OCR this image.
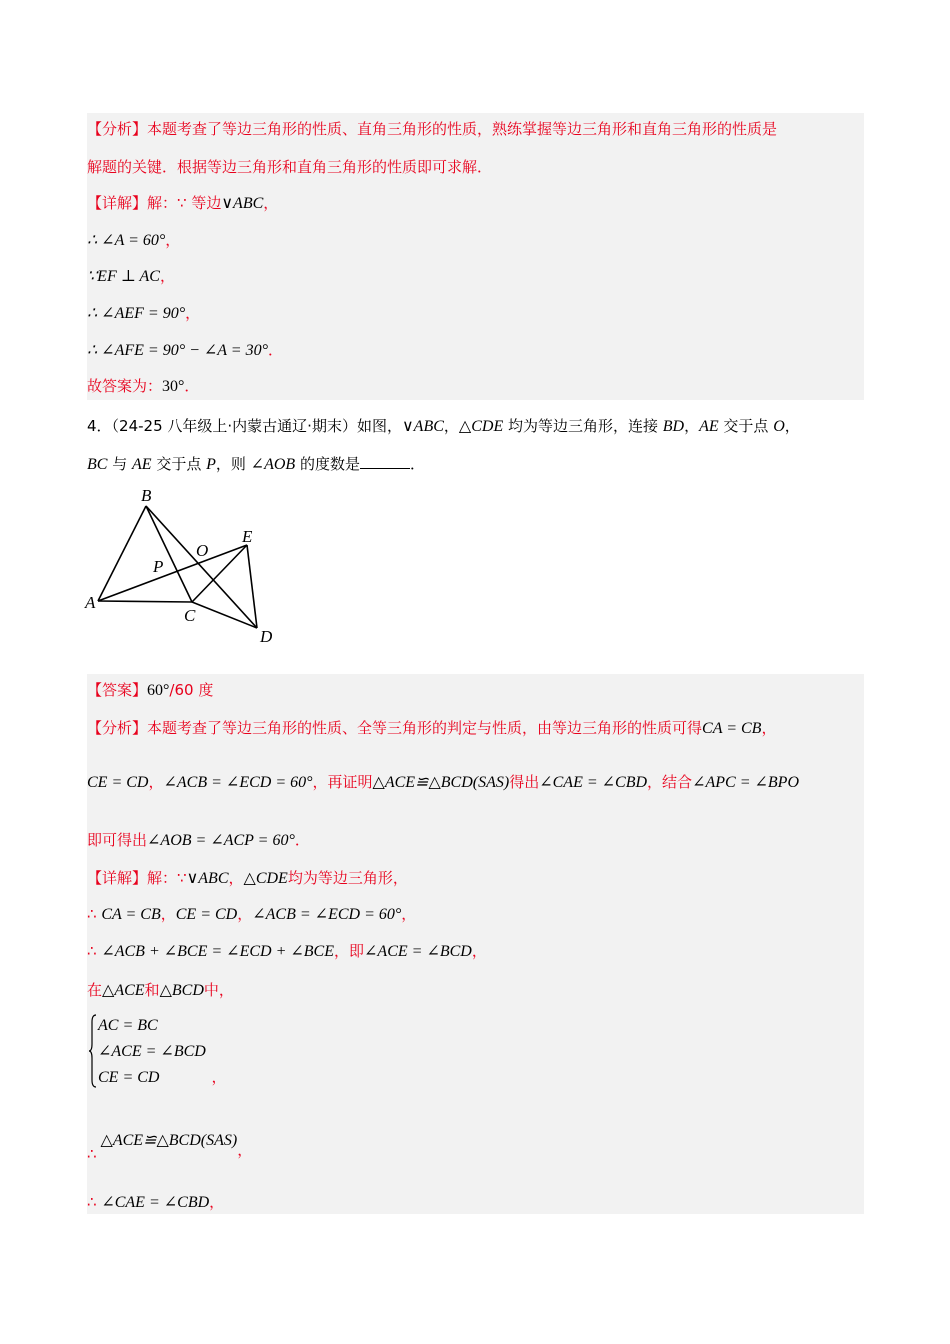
【分析】本题考查了等边三角形的性质、直角三角形的性质，熟练掌握等边三角形和直角三角形的性质是
解题的关键．根据等边三角形和直角三角形的性质即可求解．
【详解】解：∵ 等边∨ABC，
∴ ∠A = 60°，
∵EF ⊥ AC，
∴ ∠AEF = 90°，
∴ ∠AFE = 90° − ∠A = 30°．
故答案为：30°．
4．（24-25 八年级上·内蒙古通辽·期末）如图，∨ABC，△CDE 均为等边三角形，连接 BD，AE 交于点 O，
BC 与 AE 交于点 P，则 ∠AOB 的度数是	．
B
E
O
P
A
C
D
【答案】60°/60 度
【分析】本题考查了等边三角形的性质、全等三角形的判定与性质，由等边三角形的性质可得CA = CB，
CE = CD，∠ACB = ∠ECD = 60°，再证明△ACE≌△BCD(SAS)得出∠CAE = ∠CBD，结合∠APC = ∠BPO
即可得出∠AOB = ∠ACP = 60°．
【详解】解：∵∨ABC，△CDE均为等边三角形，
∴ CA = CB，CE = CD，∠ACB = ∠ECD = 60°，
∴ ∠ACB + ∠BCE = ∠ECD + ∠BCE，即∠ACE = ∠BCD，
在△ACE和△BCD中，
AC = BC
∠ACE = ∠BCD
CE = CD	，
∴△ACE≌△BCD(SAS)，
∴ ∠CAE = ∠CBD，
